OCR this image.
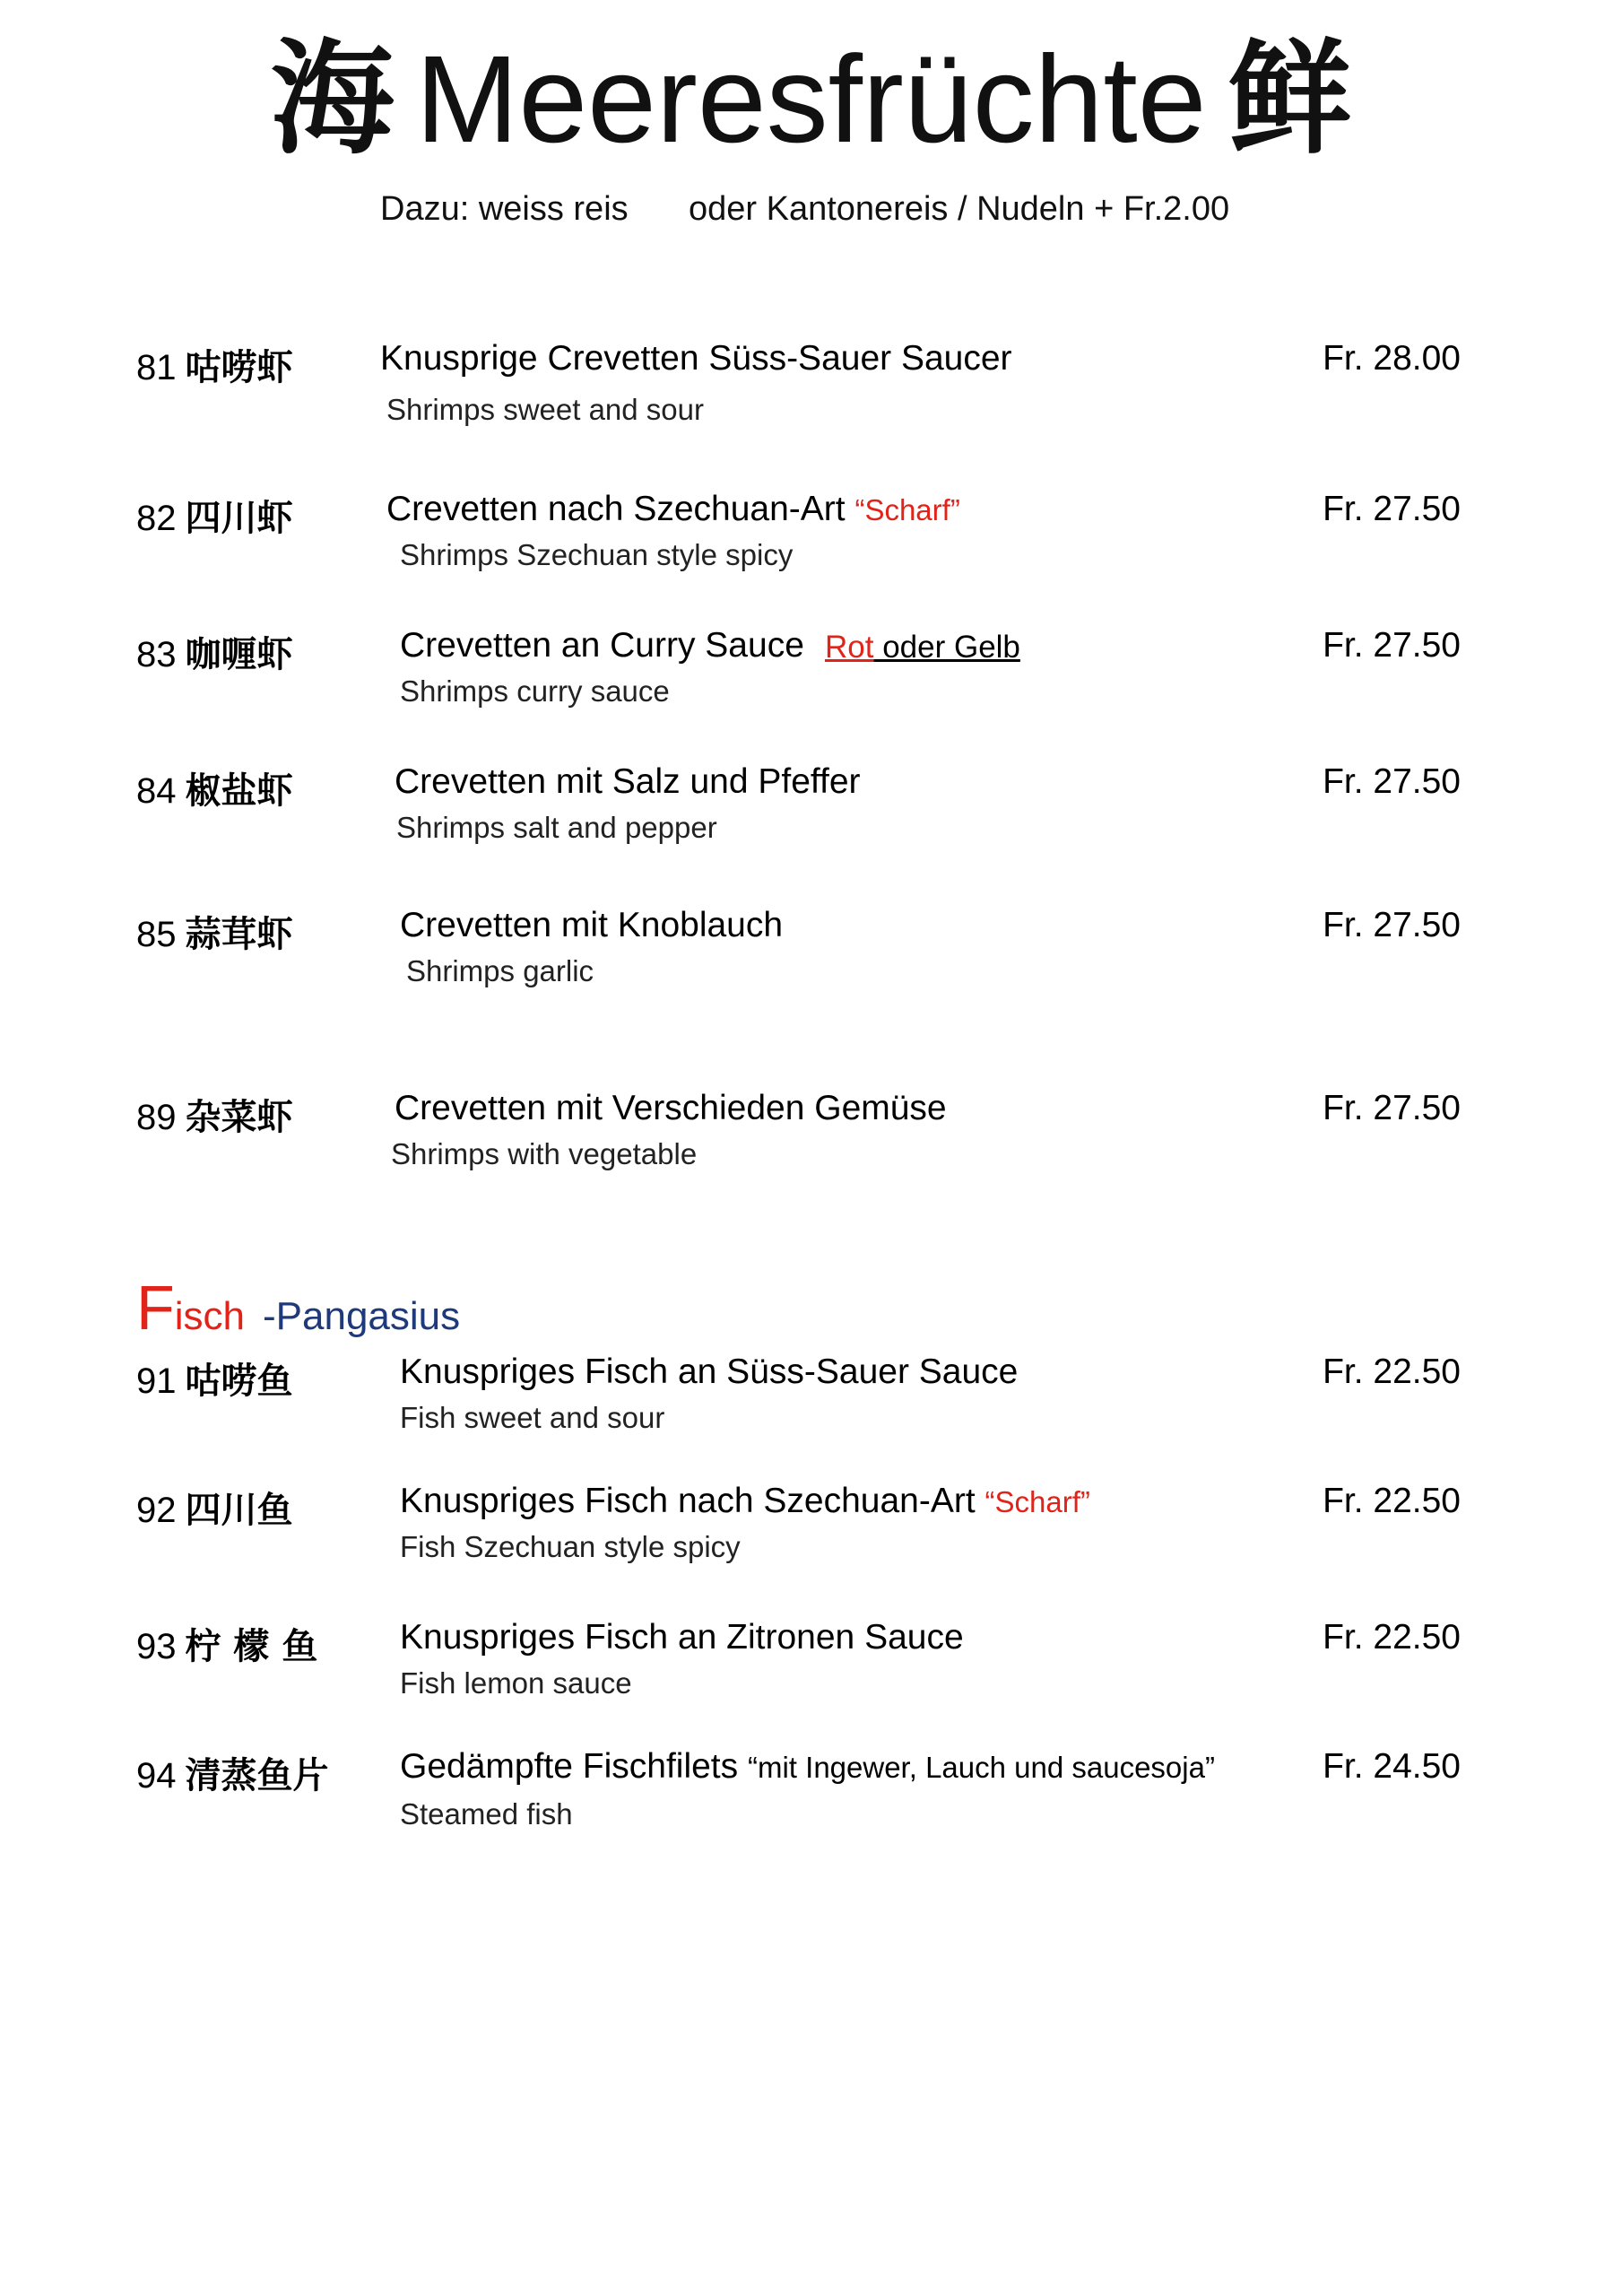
海 Meeresfrüchte 鲜
Dazu: weiss reis oder Kantonereis / Nudeln + Fr.2.00
81 咕唠虾	Knusprige Crevetten Süss-Sauer Saucer
Shrimps sweet and sour
Fr. 28.00
82 四川虾	Crevetten nach Szechuan-Art “Scharf”
Shrimps Szechuan style spicy
Fr. 27.50
83 咖喱虾	Crevetten an Curry Sauce Rot oder Gelb
Shrimps curry sauce
Fr. 27.50
84 椒盐虾	Crevetten mit Salz und Pfeffer
Shrimps salt and pepper
Fr. 27.50
85 蒜茸虾	Crevetten mit Knoblauch
Shrimps garlic
Fr. 27.50
89 杂菜虾	Crevetten mit Verschieden Gemüse
Shrimps with vegetable
Fr. 27.50
Fisch -Pangasius
91 咕唠鱼	Knuspriges Fisch an Süss-Sauer Sauce
Fish sweet and sour
Fr. 22.50
92 四川鱼	Knuspriges Fisch nach Szechuan-Art “Scharf”
Fish Szechuan style spicy
Fr. 22.50
93 柠 檬 鱼 Knuspriges Fisch an Zitronen Sauce
Fish lemon sauce
Fr. 22.50
94 清蒸鱼片 Gedämpfte Fischfilets “mit Ingewer, Lauch und saucesoja”
Steamed fish
Fr. 24.50
